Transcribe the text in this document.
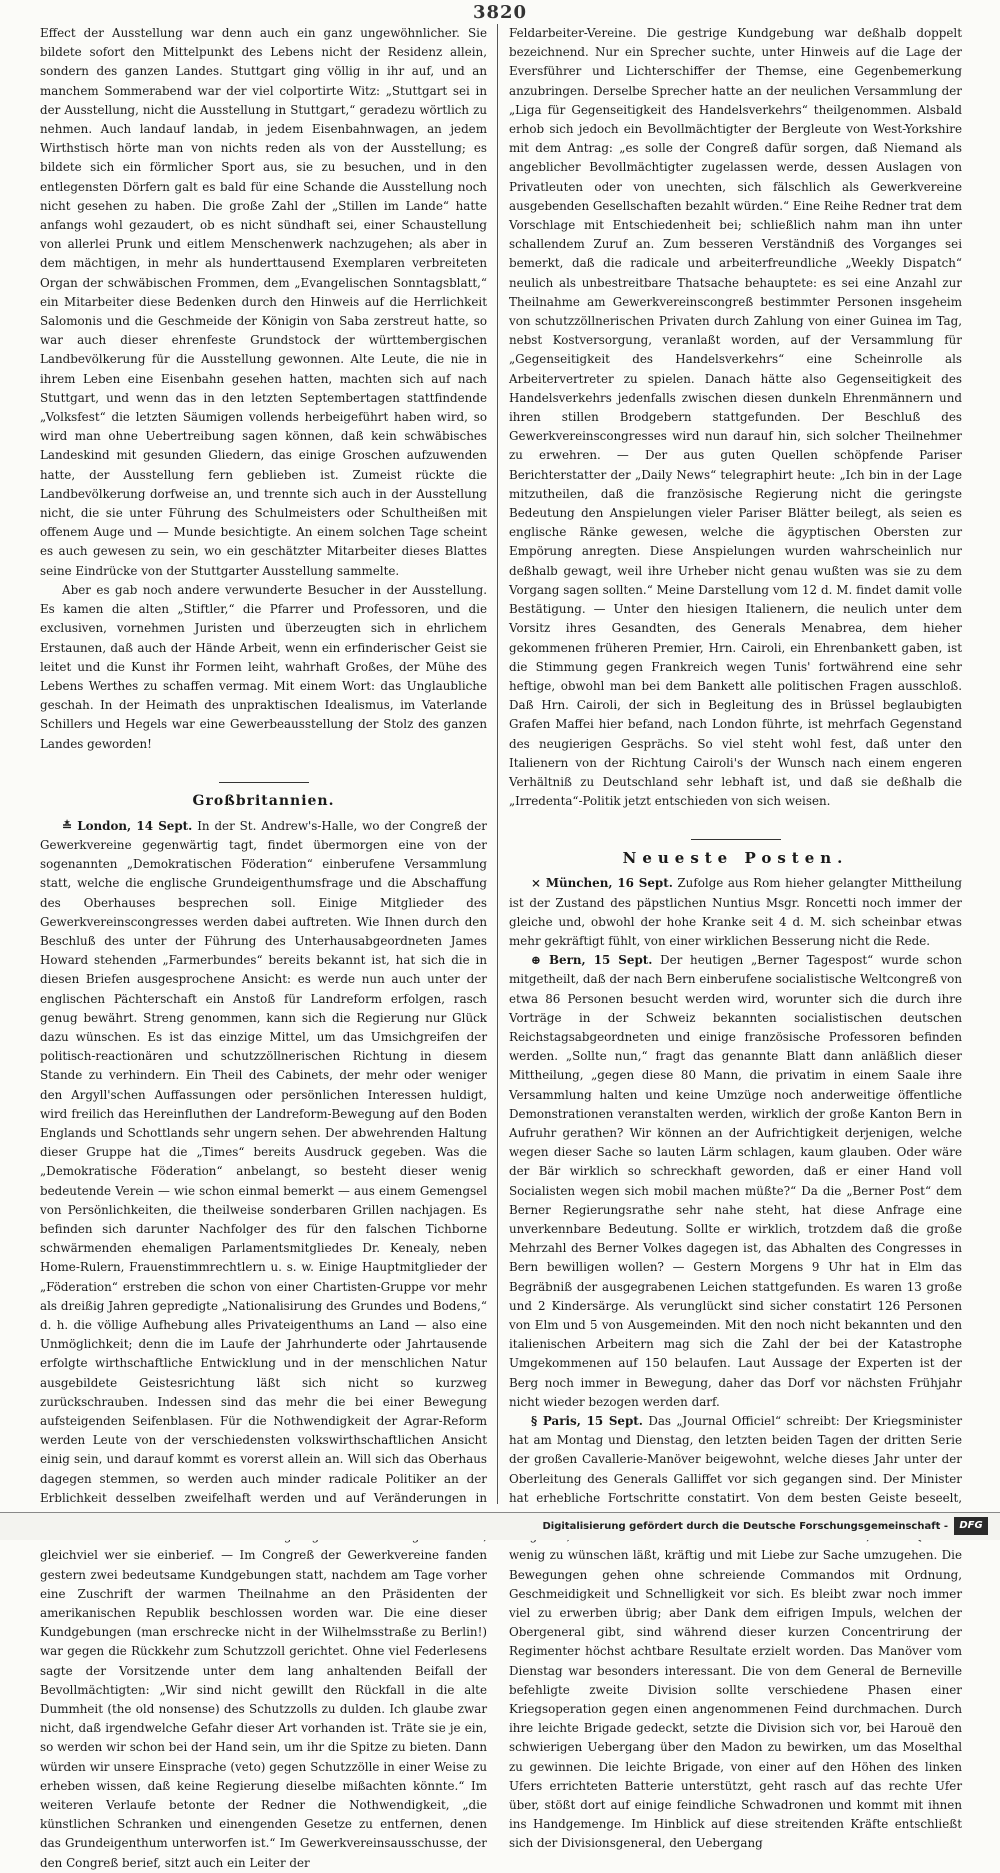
3820

Effect der Ausstellung war denn auch ein ganz ungewöhnlicher. Sie bildete sofort den Mittelpunkt des Lebens nicht der Residenz allein, sondern des ganzen Landes. Stuttgart ging völlig in ihr auf, und an manchem Sommerabend war der viel colportirte Witz: „Stuttgart sei in der Ausstellung, nicht die Ausstellung in Stuttgart,“ geradezu wörtlich zu nehmen. Auch landauf landab, in jedem Eisenbahnwagen, an jedem Wirthstisch hörte man von nichts reden als von der Ausstellung; es bildete sich ein förmlicher Sport aus, sie zu besuchen, und in den entlegensten Dörfern galt es bald für eine Schande die Ausstellung noch nicht gesehen zu haben. Die große Zahl der „Stillen im Lande“ hatte anfangs wohl gezaudert, ob es nicht sündhaft sei, einer Schaustellung von allerlei Prunk und eitlem Menschenwerk nachzugehen; als aber in dem mächtigen, in mehr als hunderttausend Exemplaren verbreiteten Organ der schwäbischen Frommen, dem „Evangelischen Sonntagsblatt,“ ein Mitarbeiter diese Bedenken durch den Hinweis auf die Herrlichkeit Salomonis und die Geschmeide der Königin von Saba zerstreut hatte, so war auch dieser ehrenfeste Grundstock der württembergischen Landbevölkerung für die Ausstellung gewonnen. Alte Leute, die nie in ihrem Leben eine Eisenbahn gesehen hatten, machten sich auf nach Stuttgart, und wenn das in den letzten Septembertagen stattfindende „Volksfest“ die letzten Säumigen vollends herbeigeführt haben wird, so wird man ohne Uebertreibung sagen können, daß kein schwäbisches Landeskind mit gesunden Gliedern, das einige Groschen aufzuwenden hatte, der Ausstellung fern geblieben ist. Zumeist rückte die Landbevölkerung dorfweise an, und trennte sich auch in der Ausstellung nicht, die sie unter Führung des Schulmeisters oder Schultheißen mit offenem Auge und — Munde besichtigte. An einem solchen Tage scheint es auch gewesen zu sein, wo ein geschätzter Mitarbeiter dieses Blattes seine Eindrücke von der Stuttgarter Ausstellung sammelte.

Aber es gab noch andere verwunderte Besucher in der Ausstellung. Es kamen die alten „Stiftler,“ die Pfarrer und Professoren, und die exclusiven, vornehmen Juristen und überzeugten sich in ehrlichem Erstaunen, daß auch der Hände Arbeit, wenn ein erfinderischer Geist sie leitet und die Kunst ihr Formen leiht, wahrhaft Großes, der Mühe des Lebens Werthes zu schaffen vermag. Mit einem Wort: das Unglaubliche geschah. In der Heimath des unpraktischen Idealismus, im Vaterlande Schillers und Hegels war eine Gewerbeausstellung der Stolz des ganzen Landes geworden!

Großbritannien.

≛ London, 14 Sept. In der St. Andrew's-Halle, wo der Congreß der Gewerkvereine gegenwärtig tagt, findet übermorgen eine von der sogenannten „Demokratischen Föderation“ einberufene Versammlung statt, welche die englische Grundeigenthumsfrage und die Abschaffung des Oberhauses besprechen soll. Einige Mitglieder des Gewerkvereinscongresses werden dabei auftreten. Wie Ihnen durch den Beschluß des unter der Führung des Unterhausabgeordneten James Howard stehenden „Farmerbundes“ bereits bekannt ist, hat sich die in diesen Briefen ausgesprochene Ansicht: es werde nun auch unter der englischen Pächterschaft ein Anstoß für Landreform erfolgen, rasch genug bewährt. Streng genommen, kann sich die Regierung nur Glück dazu wünschen. Es ist das einzige Mittel, um das Umsichgreifen der politisch-reactionären und schutzzöllnerischen Richtung in diesem Stande zu verhindern. Ein Theil des Cabinets, der mehr oder weniger den Argyll'schen Auffassungen oder persönlichen Interessen huldigt, wird freilich das Hereinfluthen der Landreform-Bewegung auf den Boden Englands und Schottlands sehr ungern sehen. Der abwehrenden Haltung dieser Gruppe hat die „Times“ bereits Ausdruck gegeben. Was die „Demokratische Föderation“ anbelangt, so besteht dieser wenig bedeutende Verein — wie schon einmal bemerkt — aus einem Gemengsel von Persönlichkeiten, die theilweise sonderbaren Grillen nachjagen. Es befinden sich darunter Nachfolger des für den falschen Tichborne schwärmenden ehemaligen Parlamentsmitgliedes Dr. Kenealy, neben Home-Rulern, Frauenstimmrechtlern u. s. w. Einige Hauptmitglieder der „Föderation“ erstreben die schon von einer Chartisten-Gruppe vor mehr als dreißig Jahren gepredigte „Nationalisirung des Grundes und Bodens,“ d. h. die völlige Aufhebung alles Privateigenthums an Land — also eine Unmöglichkeit; denn die im Laufe der Jahrhunderte oder Jahrtausende erfolgte wirthschaftliche Entwicklung und in der menschlichen Natur ausgebildete Geistesrichtung läßt sich nicht so kurzweg zurückschrauben. Indessen sind das mehr die bei einer Bewegung aufsteigenden Seifenblasen. Für die Nothwendigkeit der Agrar-Reform werden Leute von der verschiedensten volkswirthschaftlichen Ansicht einig sein, und darauf kommt es vorerst allein an. Will sich das Oberhaus dagegen stemmen, so werden auch minder radicale Politiker an der Erblichkeit desselben zweifelhaft werden und auf Veränderungen in gleichviel wer sie einberief. — Im Congreß der Gewerkvereine fanden gestern zwei bedeutsame Kundgebungen statt, nachdem am Tage vorher eine Zuschrift der warmen Theilnahme an den Präsidenten der amerikanischen Republik beschlossen worden war. Die eine dieser Kundgebungen (man erschrecke nicht in der Wilhelmsstraße zu Berlin!) war gegen die Rückkehr zum Schutzzoll gerichtet. Ohne viel Federlesens sagte der Vorsitzende unter dem lang anhaltenden Beifall der Bevollmächtigten: „Wir sind nicht gewillt den Rückfall in die alte Dummheit (the old nonsense) des Schutzzolls zu dulden. Ich glaube zwar nicht, daß irgendwelche Gefahr dieser Art vorhanden ist. Träte sie je ein, so werden wir schon bei der Hand sein, um ihr die Spitze zu bieten. Dann würden wir unsere Einsprache (veto) gegen Schutzzölle in einer Weise zu erheben wissen, daß keine Regierung dieselbe mißachten könnte.“ Im weiteren Verlaufe betonte der Redner die Nothwendigkeit, „die künstlichen Schranken und einengenden Gesetze zu entfernen, denen das Grundeigenthum unterworfen ist.“ Im Gewerkvereinsausschusse, der den Congreß berief, sitzt auch ein Leiter der

Feldarbeiter-Vereine. Die gestrige Kundgebung war deßhalb doppelt bezeichnend. Nur ein Sprecher suchte, unter Hinweis auf die Lage der Eversführer und Lichterschiffer der Themse, eine Gegenbemerkung anzubringen. Derselbe Sprecher hatte an der neulichen Versammlung der „Liga für Gegenseitigkeit des Handelsverkehrs“ theilgenommen. Alsbald erhob sich jedoch ein Bevollmächtigter der Bergleute von West-Yorkshire mit dem Antrag: „es solle der Congreß dafür sorgen, daß Niemand als angeblicher Bevollmächtigter zugelassen werde, dessen Auslagen von Privatleuten oder von unechten, sich fälschlich als Gewerkvereine ausgebenden Gesellschaften bezahlt würden.“ Eine Reihe Redner trat dem Vorschlage mit Entschiedenheit bei; schließlich nahm man ihn unter schallendem Zuruf an. Zum besseren Verständniß des Vorganges sei bemerkt, daß die radicale und arbeiterfreundliche „Weekly Dispatch“ neulich als unbestreitbare Thatsache behauptete: es sei eine Anzahl zur Theilnahme am Gewerkvereinscongreß bestimmter Personen insgeheim von schutzzöllnerischen Privaten durch Zahlung von einer Guinea im Tag, nebst Kostversorgung, veranlaßt worden, auf der Versammlung für „Gegenseitigkeit des Handelsverkehrs“ eine Scheinrolle als Arbeitervertreter zu spielen. Danach hätte also Gegenseitigkeit des Handelsverkehrs jedenfalls zwischen diesen dunkeln Ehrenmännern und ihren stillen Brodgebern stattgefunden. Der Beschluß des Gewerkvereinscongresses wird nun darauf hin, sich solcher Theilnehmer zu erwehren. — Der aus guten Quellen schöpfende Pariser Berichterstatter der „Daily News“ telegraphirt heute: „Ich bin in der Lage mitzutheilen, daß die französische Regierung nicht die geringste Bedeutung den Anspielungen vieler Pariser Blätter beilegt, als seien es englische Ränke gewesen, welche die ägyptischen Obersten zur Empörung anregten. Diese Anspielungen wurden wahrscheinlich nur deßhalb gewagt, weil ihre Urheber nicht genau wußten was sie zu dem Vorgang sagen sollten.“ Meine Darstellung vom 12 d. M. findet damit volle Bestätigung. — Unter den hiesigen Italienern, die neulich unter dem Vorsitz ihres Gesandten, des Generals Menabrea, dem hieher gekommenen früheren Premier, Hrn. Cairoli, ein Ehrenbankett gaben, ist die Stimmung gegen Frankreich wegen Tunis' fortwährend eine sehr heftige, obwohl man bei dem Bankett alle politischen Fragen ausschloß. Daß Hrn. Cairoli, der sich in Begleitung des in Brüssel beglaubigten Grafen Maffei hier befand, nach London führte, ist mehrfach Gegenstand des neugierigen Gesprächs. So viel steht wohl fest, daß unter den Italienern von der Richtung Cairoli's der Wunsch nach einem engeren Verhältniß zu Deutschland sehr lebhaft ist, und daß sie deßhalb die „Irredenta“-Politik jetzt entschieden von sich weisen.

Neueste Posten.

⨯ München, 16 Sept. Zufolge aus Rom hieher gelangter Mittheilung ist der Zustand des päpstlichen Nuntius Msgr. Roncetti noch immer der gleiche und, obwohl der hohe Kranke seit 4 d. M. sich scheinbar etwas mehr gekräftigt fühlt, von einer wirklichen Besserung nicht die Rede.

⊕ Bern, 15 Sept. Der heutigen „Berner Tagespost“ wurde schon mitgetheilt, daß der nach Bern einberufene socialistische Weltcongreß von etwa 86 Personen besucht werden wird, worunter sich die durch ihre Vorträge in der Schweiz bekannten socialistischen deutschen Reichstagsabgeordneten und einige französische Professoren befinden werden. „Sollte nun,“ fragt das genannte Blatt dann anläßlich dieser Mittheilung, „gegen diese 80 Mann, die privatim in einem Saale ihre Versammlung halten und keine Umzüge noch anderweitige öffentliche Demonstrationen veranstalten werden, wirklich der große Kanton Bern in Aufruhr gerathen? Wir können an der Aufrichtigkeit derjenigen, welche wegen dieser Sache so lauten Lärm schlagen, kaum glauben. Oder wäre der Bär wirklich so schreckhaft geworden, daß er einer Hand voll Socialisten wegen sich mobil machen müßte?“ Da die „Berner Post“ dem Berner Regierungsrathe sehr nahe steht, hat diese Anfrage eine unverkennbare Bedeutung. Sollte er wirklich, trotzdem daß die große Mehrzahl des Berner Volkes dagegen ist, das Abhalten des Congresses in Bern bewilligen wollen? — Gestern Morgens 9 Uhr hat in Elm das Begräbniß der ausgegrabenen Leichen stattgefunden. Es waren 13 große und 2 Kindersärge. Als verunglückt sind sicher constatirt 126 Personen von Elm und 5 von Ausgemeinden. Mit den noch nicht bekannten und den italienischen Arbeitern mag sich die Zahl der bei der Katastrophe Umgekommenen auf 150 belaufen. Laut Aussage der Experten ist der Berg noch immer in Bewegung, daher das Dorf vor nächsten Frühjahr nicht wieder bezogen werden darf.

§ Paris, 15 Sept. Das „Journal Officiel“ schreibt: Der Kriegsminister hat am Montag und Dienstag, den letzten beiden Tagen der dritten Serie der großen Cavallerie-Manöver beigewohnt, welche dieses Jahr unter der Oberleitung des Generals Galliffet vor sich gegangen sind. Der Minister hat erhebliche Fortschritte constatirt. Von dem besten Geiste beseelt, wenig zu wünschen läßt, kräftig und mit Liebe zur Sache umzugehen. Die Bewegungen gehen ohne schreiende Commandos mit Ordnung, Geschmeidigkeit und Schnelligkeit vor sich. Es bleibt zwar noch immer viel zu erwerben übrig; aber Dank dem eifrigen Impuls, welchen der Obergeneral gibt, sind während dieser kurzen Concentrirung der Regimenter höchst achtbare Resultate erzielt worden. Das Manöver vom Dienstag war besonders interessant. Die von dem General de Berneville befehligte zweite Division sollte verschiedene Phasen einer Kriegsoperation gegen einen angenommenen Feind durchmachen. Durch ihre leichte Brigade gedeckt, setzte die Division sich vor, bei Harouë den schwierigen Uebergang über den Madon zu bewirken, um das Moselthal zu gewinnen. Die leichte Brigade, von einer auf den Höhen des linken Ufers errichteten Batterie unterstützt, geht rasch auf das rechte Ufer über, stößt dort auf einige feindliche Schwadronen und kommt mit ihnen ins Handgemenge. Im Hinblick auf diese streitenden Kräfte entschließt sich der Divisionsgeneral, den Uebergang

Digitalisierung gefördert durch die Deutsche Forschungsgemeinschaft -	DFG
